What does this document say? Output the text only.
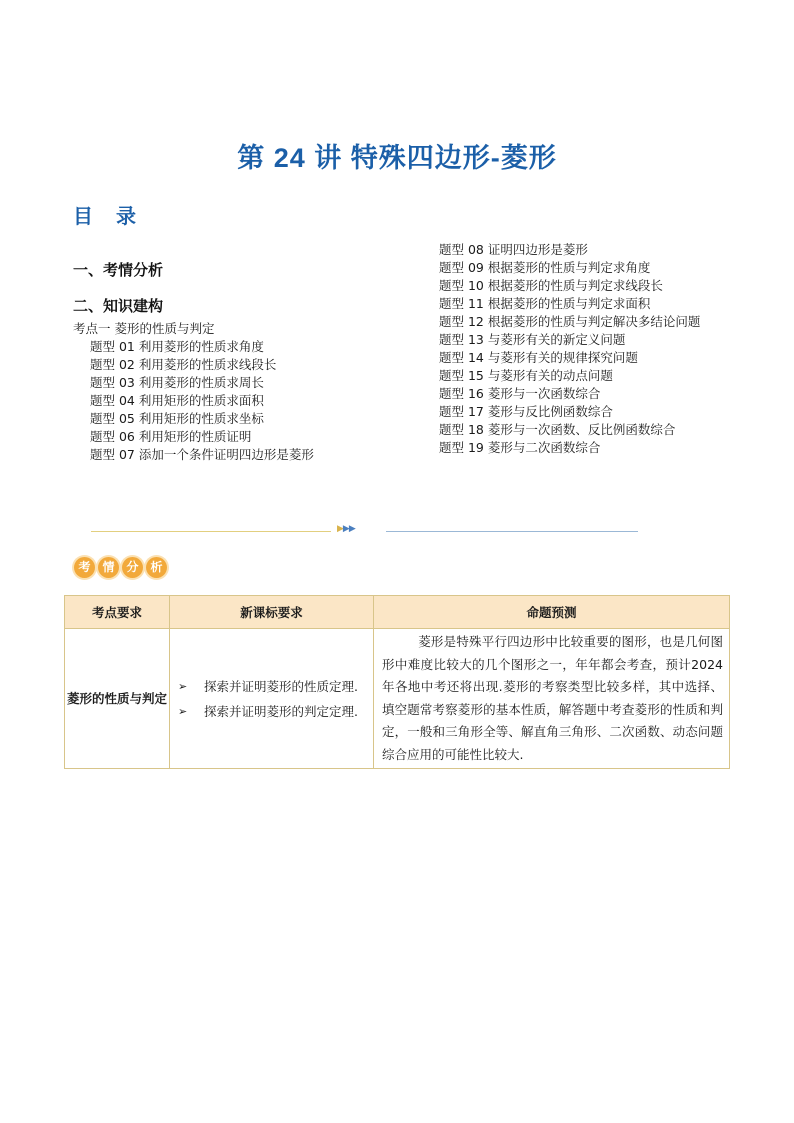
第 24 讲 特殊四边形-菱形
目 录
一、考情分析
二、知识建构
考点一 菱形的性质与判定
题型 01 利用菱形的性质求角度
题型 02 利用菱形的性质求线段长
题型 03 利用菱形的性质求周长
题型 04 利用矩形的性质求面积
题型 05 利用矩形的性质求坐标
题型 06 利用矩形的性质证明
题型 07 添加一个条件证明四边形是菱形
题型 08 证明四边形是菱形
题型 09 根据菱形的性质与判定求角度
题型 10 根据菱形的性质与判定求线段长
题型 11 根据菱形的性质与判定求面积
题型 12 根据菱形的性质与判定解决多结论问题
题型 13 与菱形有关的新定义问题
题型 14 与菱形有关的规律探究问题
题型 15 与菱形有关的动点问题
题型 16 菱形与一次函数综合
题型 17 菱形与反比例函数综合
题型 18 菱形与一次函数、反比例函数综合
题型 19 菱形与二次函数综合
▶▶▶
考 情 分 析
考点要求	新课标要求	命题预测
菱形的性质与判定	➢ 探索并证明菱形的性质定理.
➢ 探索并证明菱形的判定定理.	菱形是特殊平行四边形中比较重要的图形，也是几何图形中难度比较大的几个图形之一，年年都会考查，预计2024年各地中考还将出现.菱形的考察类型比较多样，其中选择、填空题常考察菱形的基本性质，解答题中考查菱形的性质和判定，一般和三角形全等、解直角三角形、二次函数、动态问题综合应用的可能性比较大.
